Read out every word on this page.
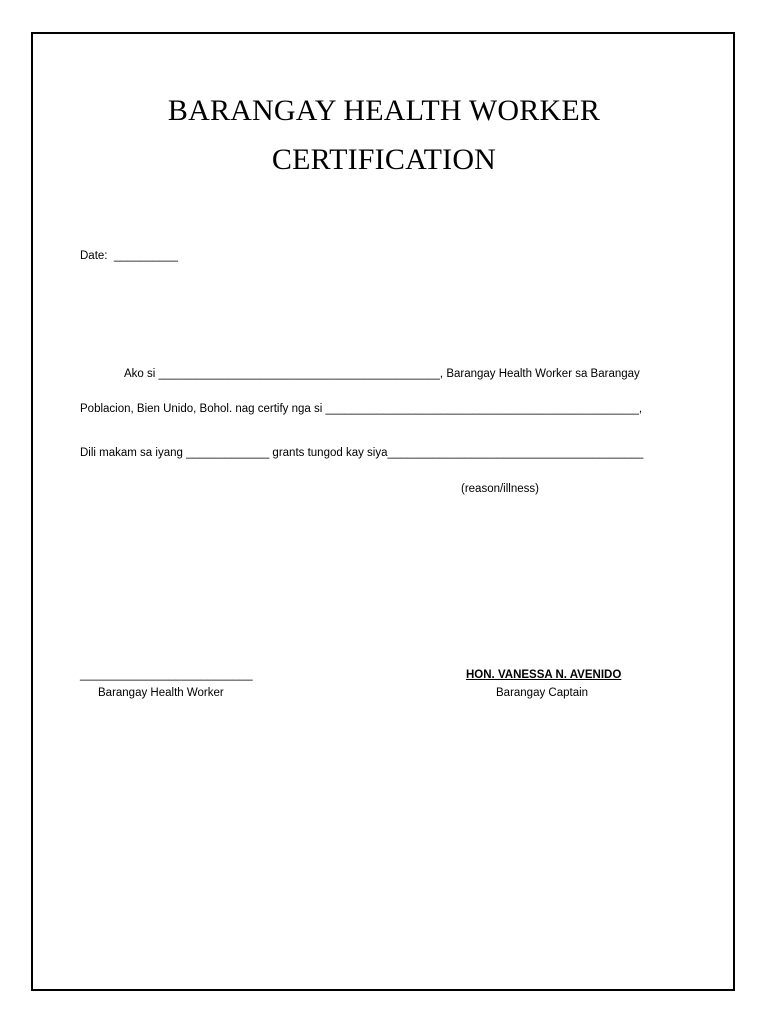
BARANGAY HEALTH WORKER
CERTIFICATION
Date:  __________
Ako si ____________________________________________, Barangay Health Worker sa Barangay
Poblacion, Bien Unido, Bohol. nag certify nga si _________________________________________________,
Dili makam sa iyang _____________ grants tungod kay siya________________________________________
(reason/illness)
___________________________
Barangay Health Worker
HON. VANESSA N. AVENIDO
Barangay Captain
